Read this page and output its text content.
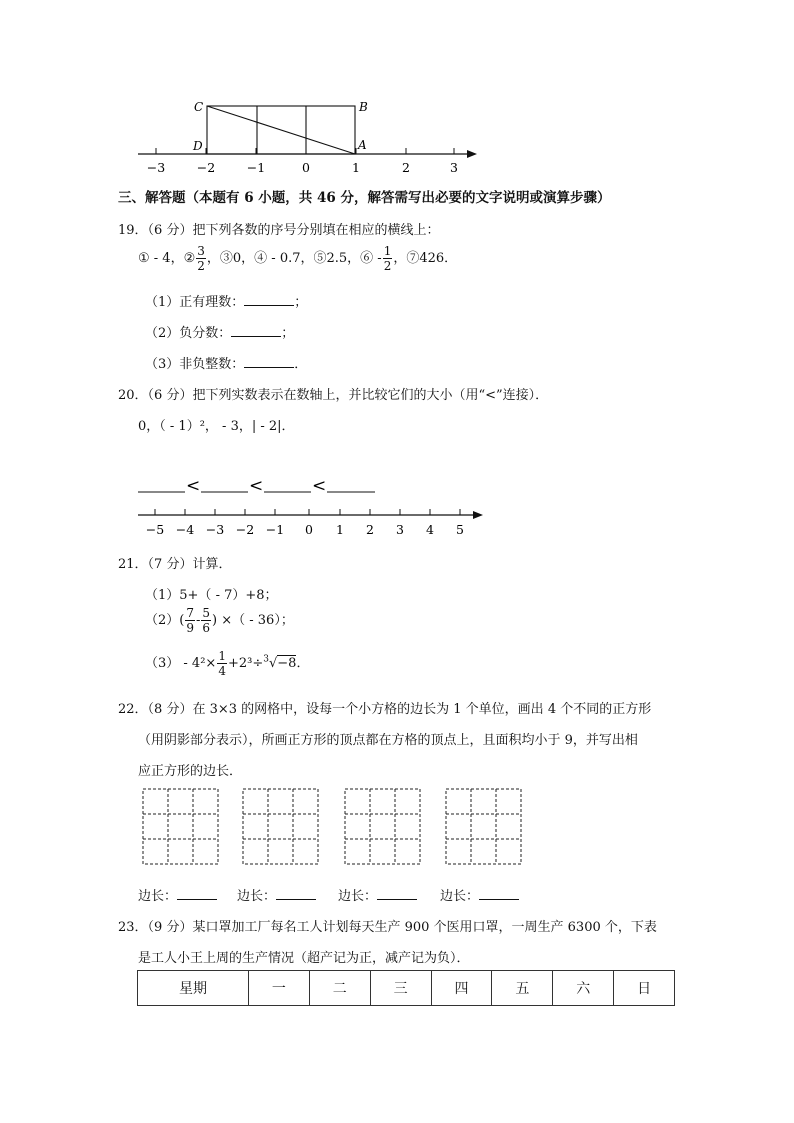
C	B
D	A
−3	−2	−1	0	1	2	3
三、解答题（本题有 6 小题，共 46 分，解答需写出必要的文字说明或演算步骤）
19．（6 分）把下列各数的序号分别填在相应的横线上：
① - 4，② $\frac{3}{2}$ ，③0，④ - 0.7，⑤2.5，⑥ - $\frac{1}{2}$ ，⑦426．
（1）正有理数：	；
（2）负分数：	；
（3）非负整数：	．
20．（6 分）把下列实数表示在数轴上，并比较它们的大小（用“<”连接）．
0，（ - 1）²， - 3，| - 2|．
<	<	<
−5 −4 −3 −2 −1 0 1 2 3 4 5
21．（7 分）计算．
（1）5+（ - 7）+8；
$(2)( \frac{7}{9} - \frac{5}{6}$ ) ×（ - 36）；
$(3) - 4^2\times \frac{1}{4} +2^3\div^3√-8$．
22．（8 分）在 3×3 的网格中，设每一个小方格的边长为 1 个单位，画出 4 个不同的正方形
（用阴影部分表示），所画正方形的顶点都在方格的顶点上，且面积均小于 9，并写出相
应正方形的边长．
边长：	边长：	边长：	边长：
23．（9 分）某口罩加工厂每名工人计划每天生产 900 个医用口罩，一周生产 6300 个，下表
是工人小王上周的生产情况（超产记为正，减产记为负）．
星期	一	二	三	四	五	六	日
